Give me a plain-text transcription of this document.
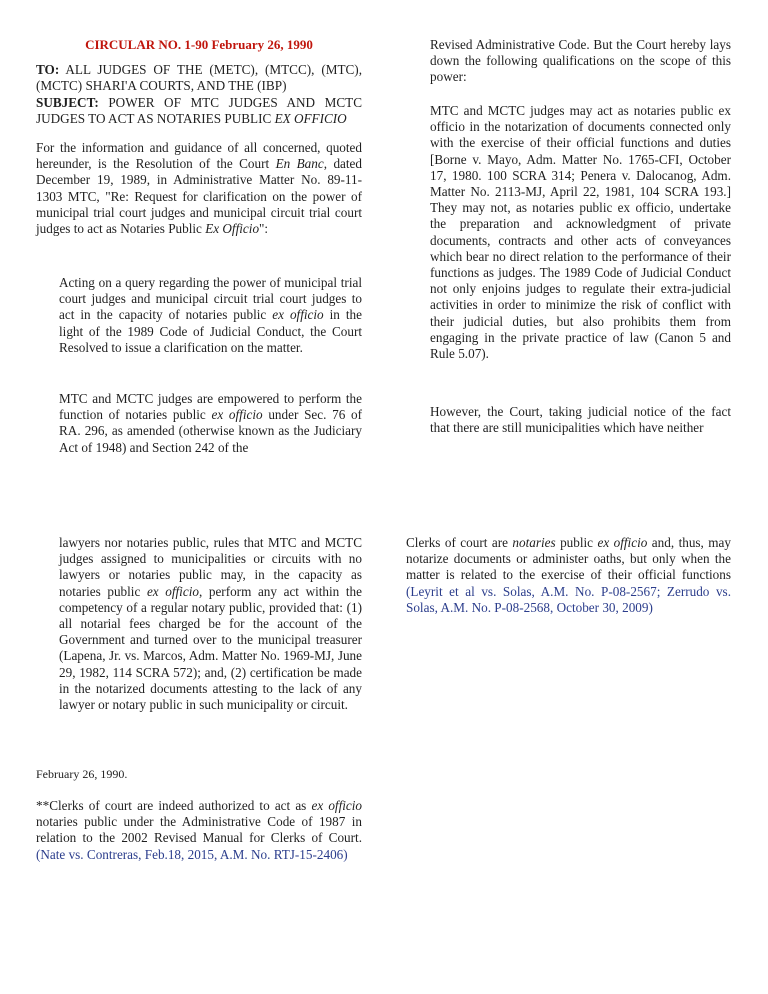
CIRCULAR NO. 1-90 February 26, 1990

TO: ALL JUDGES OF THE (METC), (MTCC), (MTC), (MCTC) SHARI'A COURTS, AND THE (IBP)

SUBJECT: POWER OF MTC JUDGES AND MCTC JUDGES TO ACT AS NOTARIES PUBLIC EX OFFICIO

For the information and guidance of all concerned, quoted hereunder, is the Resolution of the Court En Banc, dated December 19, 1989, in Administrative Matter No. 89-11-1303 MTC, "Re: Request for clarification on the power of municipal trial court judges and municipal circuit trial court judges to act as Notaries Public Ex Officio":

Acting on a query regarding the power of municipal trial court judges and municipal circuit trial court judges to act in the capacity of notaries public ex officio in the light of the 1989 Code of Judicial Conduct, the Court Resolved to issue a clarification on the matter.

MTC and MCTC judges are empowered to perform the function of notaries public ex officio under Sec. 76 of RA. 296, as amended (otherwise known as the Judiciary Act of 1948) and Section 242 of the

Revised Administrative Code. But the Court hereby lays down the following qualifications on the scope of this power:

MTC and MCTC judges may act as notaries public ex officio in the notarization of documents connected only with the exercise of their official functions and duties [Borne v. Mayo, Adm. Matter No. 1765-CFI, October 17, 1980. 100 SCRA 314; Penera v. Dalocanog, Adm. Matter No. 2113-MJ, April 22, 1981, 104 SCRA 193.] They may not, as notaries public ex officio, undertake the preparation and acknowledgment of private documents, contracts and other acts of conveyances which bear no direct relation to the performance of their functions as judges. The 1989 Code of Judicial Conduct not only enjoins judges to regulate their extra-judicial activities in order to minimize the risk of conflict with their judicial duties, but also prohibits them from engaging in the private practice of law (Canon 5 and Rule 5.07).

However, the Court, taking judicial notice of the fact that there are still municipalities which have neither

lawyers nor notaries public, rules that MTC and MCTC judges assigned to municipalities or circuits with no lawyers or notaries public may, in the capacity as notaries public ex officio, perform any act within the competency of a regular notary public, provided that: (1) all notarial fees charged be for the account of the Government and turned over to the municipal treasurer (Lapena, Jr. vs. Marcos, Adm. Matter No. 1969-MJ, June 29, 1982, 114 SCRA 572); and, (2) certification be made in the notarized documents attesting to the lack of any lawyer or notary public in such municipality or circuit.

February 26, 1990.

**Clerks of court are indeed authorized to act as ex officio notaries public under the Administrative Code of 1987 in relation to the 2002 Revised Manual for Clerks of Court. (Nate vs. Contreras, Feb.18, 2015, A.M. No. RTJ-15-2406)

Clerks of court are notaries public ex officio and, thus, may notarize documents or administer oaths, but only when the matter is related to the exercise of their official functions (Leyrit et al vs. Solas, A.M. No. P-08-2567; Zerrudo vs. Solas, A.M. No. P-08-2568, October 30, 2009)
